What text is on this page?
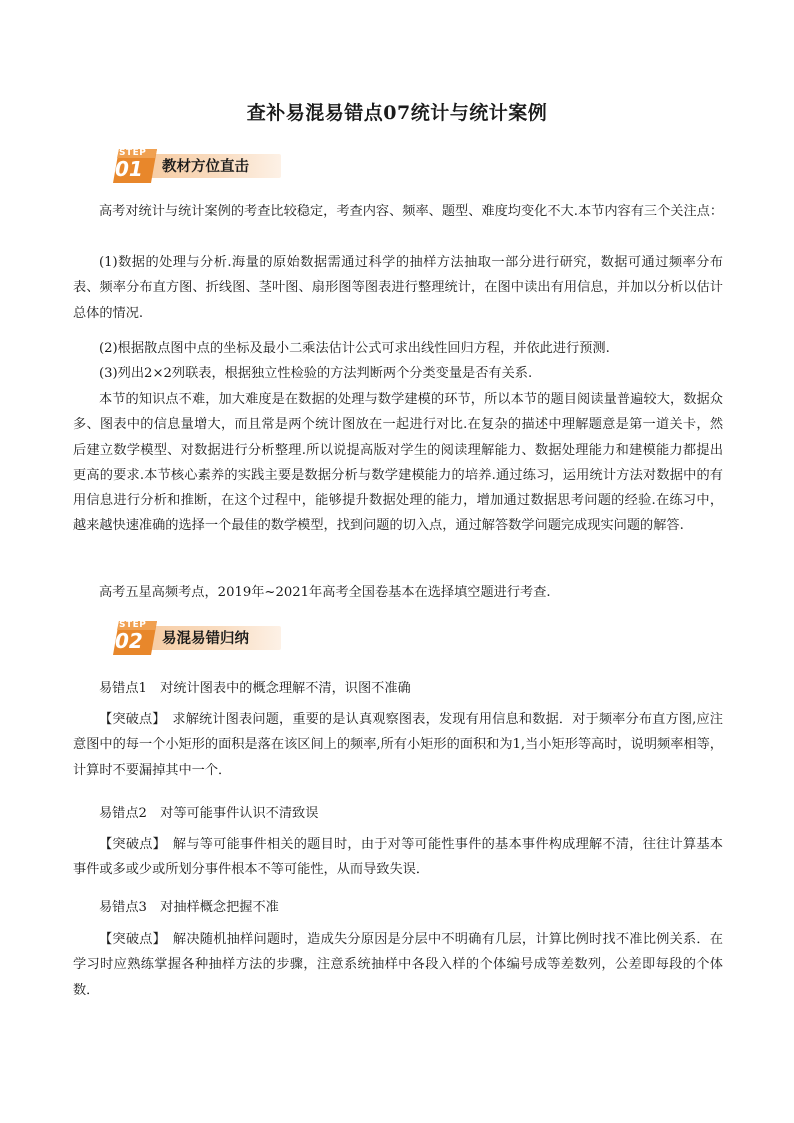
查补易混易错点07统计与统计案例
STEP
01 教材方位直击

高考对统计与统计案例的考查比较稳定，考查内容、频率、题型、难度均变化不大.本节内容有三个关注点：

(1)数据的处理与分析.海量的原始数据需通过科学的抽样方法抽取一部分进行研究，数据可通过频率分布表、频率分布直方图、折线图、茎叶图、扇形图等图表进行整理统计，在图中读出有用信息，并加以分析以估计总体的情况.

(2)根据散点图中点的坐标及最小二乘法估计公式可求出线性回归方程，并依此进行预测.

(3)列出2×2列联表，根据独立性检验的方法判断两个分类变量是否有关系.

本节的知识点不难，加大难度是在数据的处理与数学建模的环节，所以本节的题目阅读量普遍较大，数据众多、图表中的信息量增大，而且常是两个统计图放在一起进行对比.在复杂的描述中理解题意是第一道关卡，然后建立数学模型、对数据进行分析整理.所以说提高版对学生的阅读理解能力、数据处理能力和建模能力都提出更高的要求.本节核心素养的实践主要是数据分析与数学建模能力的培养.通过练习，运用统计方法对数据中的有用信息进行分析和推断，在这个过程中，能够提升数据处理的能力，增加通过数据思考问题的经验.在练习中，越来越快速准确的选择一个最佳的数学模型，找到问题的切入点，通过解答数学问题完成现实问题的解答.

高考五星高频考点，2019年~2021年高考全国卷基本在选择填空题进行考查.

STEP
02 易混易错归纳

易错点1　对统计图表中的概念理解不清，识图不准确

【突破点】　求解统计图表问题，重要的是认真观察图表，发现有用信息和数据．对于频率分布直方图,应注意图中的每一个小矩形的面积是落在该区间上的频率,所有小矩形的面积和为1,当小矩形等高时，说明频率相等，计算时不要漏掉其中一个．

易错点2　对等可能事件认识不清致误

【突破点】　解与等可能事件相关的题目时，由于对等可能性事件的基本事件构成理解不清，往往计算基本事件或多或少或所划分事件根本不等可能性，从而导致失误．

易错点3　对抽样概念把握不准

【突破点】　解决随机抽样问题时，造成失分原因是分层中不明确有几层，计算比例时找不准比例关系．在学习时应熟练掌握各种抽样方法的步骤，注意系统抽样中各段入样的个体编号成等差数列，公差即每段的个体数．
